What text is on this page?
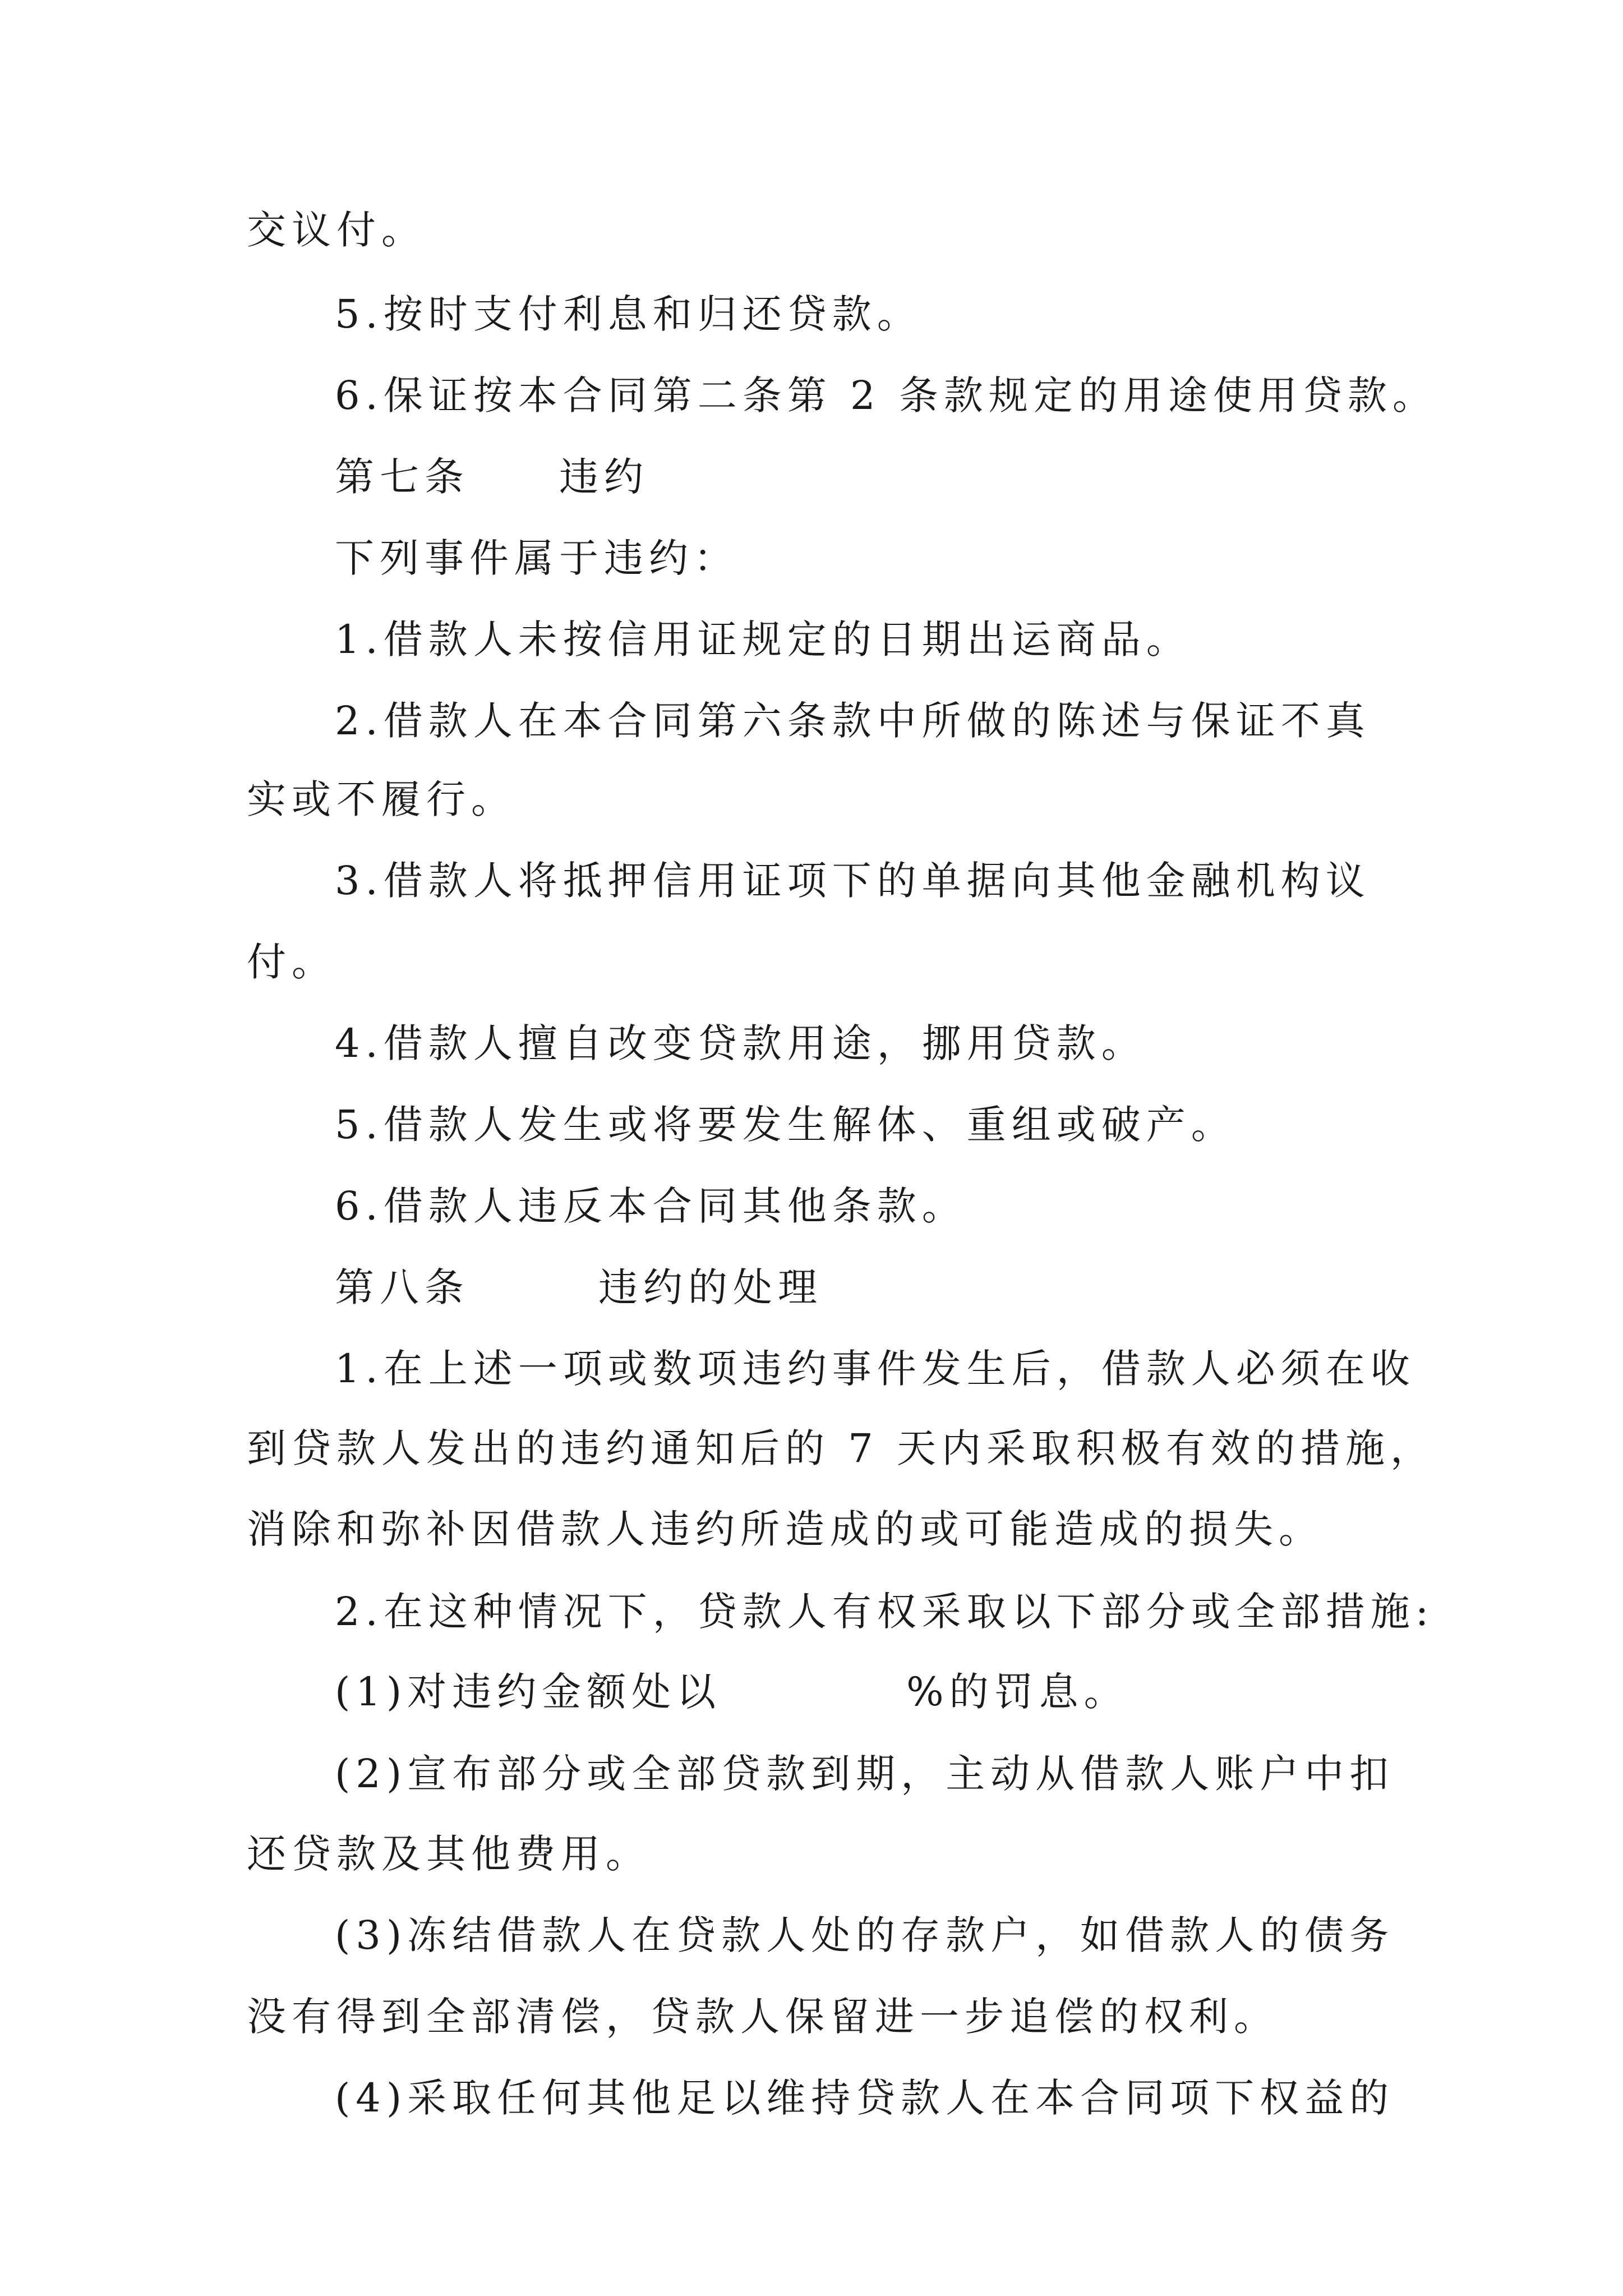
交议付。
5.按时支付利息和归还贷款。
6.保证按本合同第二条第 2 条款规定的用途使用贷款。
第七条 违约
下列事件属于违约：
1.借款人未按信用证规定的日期出运商品。
2.借款人在本合同第六条款中所做的陈述与保证不真
实或不履行。
3.借款人将抵押信用证项下的单据向其他金融机构议
付。
4.借款人擅自改变贷款用途，挪用贷款。
5.借款人发生或将要发生解体、重组或破产。
6.借款人违反本合同其他条款。
第八条	违约的处理
1.在上述一项或数项违约事件发生后，借款人必须在收
到贷款人发出的违约通知后的 7 天内采取积极有效的措施，
消除和弥补因借款人违约所造成的或可能造成的损失。
2.在这种情况下，贷款人有权采取以下部分或全部措施:
(1)对违约金额处以	%的罚息。
(2)宣布部分或全部贷款到期，主动从借款人账户中扣
还贷款及其他费用。
(3)冻结借款人在贷款人处的存款户，如借款人的债务
没有得到全部清偿，贷款人保留进一步追偿的权利。
(4)采取任何其他足以维持贷款人在本合同项下权益的
